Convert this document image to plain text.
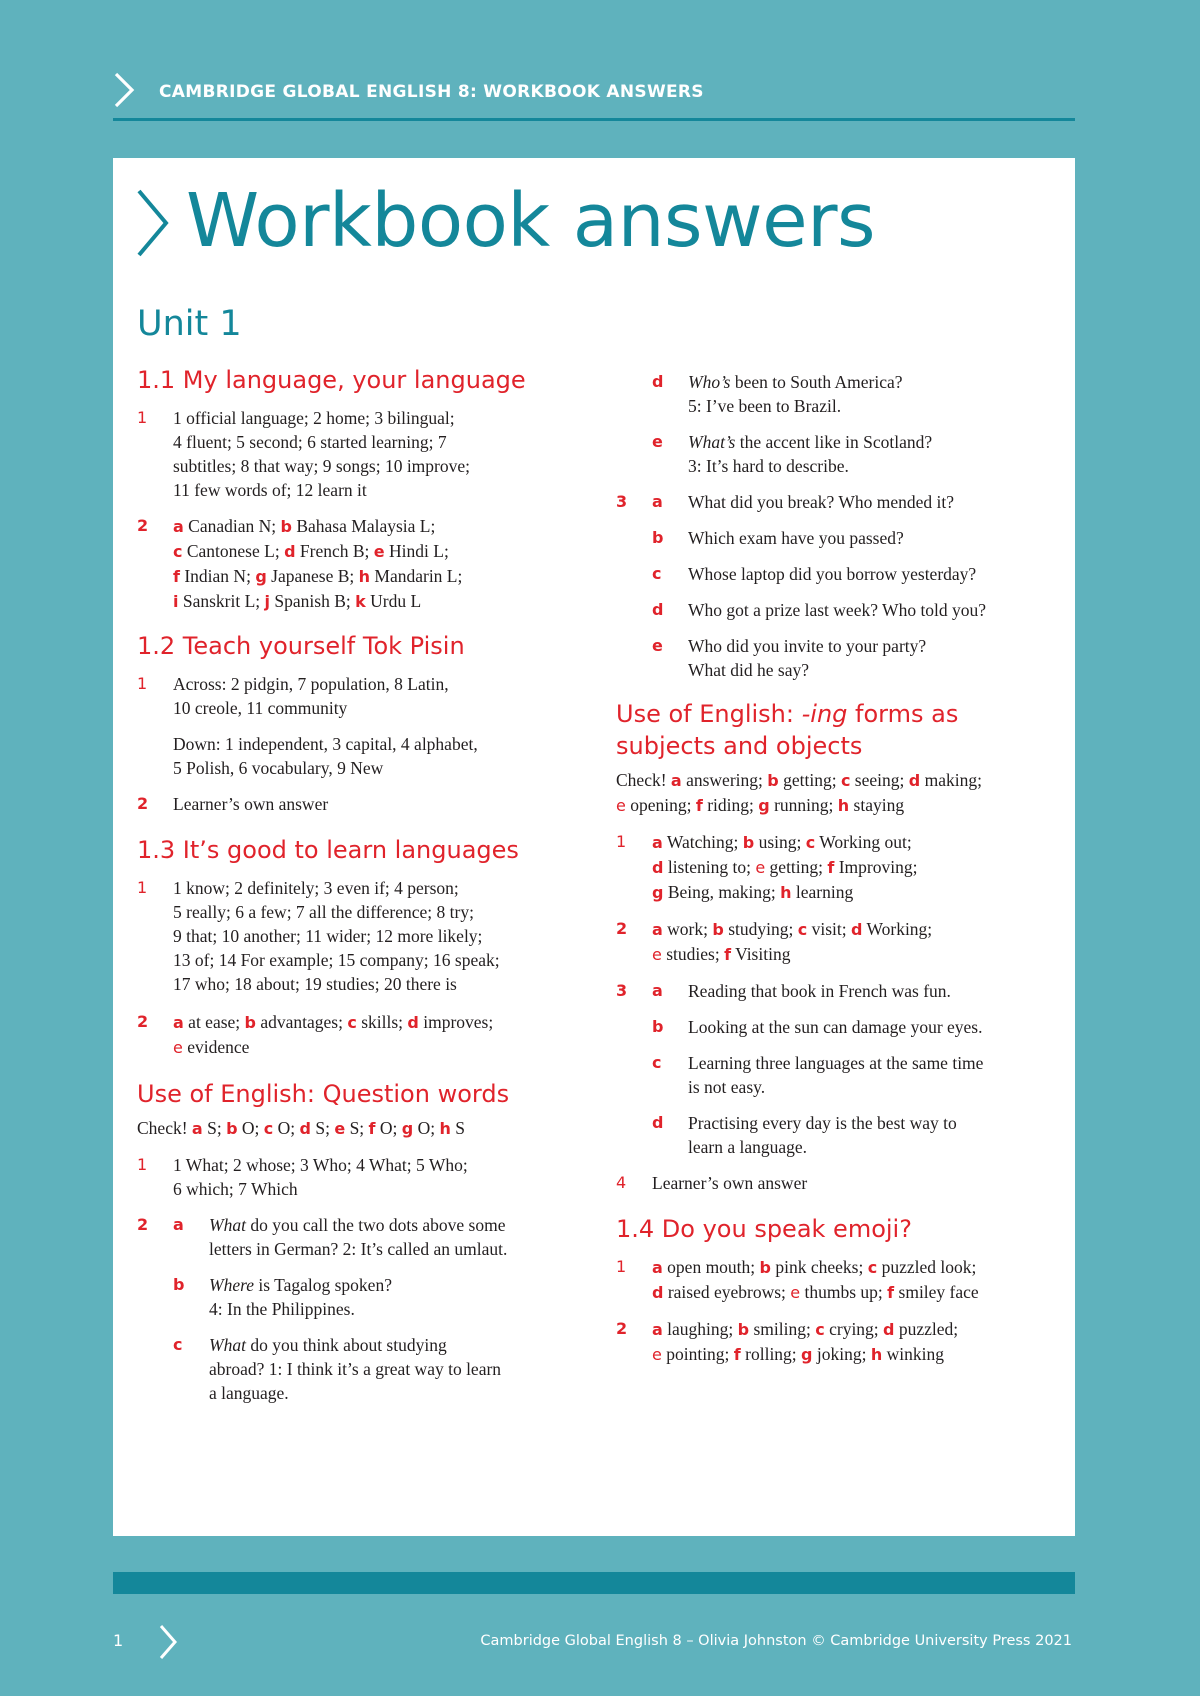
CAMBRIDGE GLOBAL ENGLISH 8: WORKBOOK ANSWERS
Workbook answers
Unit 1
1.1 My language, your language
1 1 official language; 2 home; 3 bilingual;
4 fluent; 5 second; 6 started learning; 7
subtitles; 8 that way; 9 songs; 10 improve;
11 few words of; 12 learn it
2 a Canadian N; b Bahasa Malaysia L;
c Cantonese L; d French B; e Hindi L;
f Indian N; g Japanese B; h Mandarin L;
i Sanskrit L; j Spanish B; k Urdu L
1.2 Teach yourself Tok Pisin
1 Across: 2 pidgin, 7 population, 8 Latin,
10 creole, 11 community
Down: 1 independent, 3 capital, 4 alphabet,
5 Polish, 6 vocabulary, 9 New
2 Learner’s own answer
1.3 It’s good to learn languages
1 1 know; 2 definitely; 3 even if; 4 person;
5 really; 6 a few; 7 all the difference; 8 try;
9 that; 10 another; 11 wider; 12 more likely;
13 of; 14 For example; 15 company; 16 speak;
17 who; 18 about; 19 studies; 20 there is
2 a at ease; b advantages; c skills; d improves;
e evidence
Use of English: Question words
Check! a S; b O; c O; d S; e S; f O; g O; h S
1 1 What; 2 whose; 3 Who; 4 What; 5 Who;
6 which; 7 Which
2 a What do you call the two dots above some
letters in German? 2: It’s called an umlaut.
b Where is Tagalog spoken?
4: In the Philippines.
c What do you think about studying
abroad? 1: I think it’s a great way to learn
a language.
d Who’s been to South America?
5: I’ve been to Brazil.
e What’s the accent like in Scotland?
3: It’s hard to describe.
3 a What did you break? Who mended it?
b Which exam have you passed?
c Whose laptop did you borrow yesterday?
d Who got a prize last week? Who told you?
e Who did you invite to your party?
What did he say?
Use of English: -ing forms as
subjects and objects
Check! a answering; b getting; c seeing; d making;
e opening; f riding; g running; h staying
1 a Watching; b using; c Working out;
d listening to; e getting; f Improving;
g Being, making; h learning
2 a work; b studying; c visit; d Working;
e studies; f Visiting
3 a Reading that book in French was fun.
b Looking at the sun can damage your eyes.
c Learning three languages at the same time
is not easy.
d Practising every day is the best way to
learn a language.
4 Learner’s own answer
1.4 Do you speak emoji?
1 a open mouth; b pink cheeks; c puzzled look;
d raised eyebrows; e thumbs up; f smiley face
2 a laughing; b smiling; c crying; d puzzled;
e pointing; f rolling; g joking; h winking
1	Cambridge Global English 8 – Olivia Johnston © Cambridge University Press 2021
